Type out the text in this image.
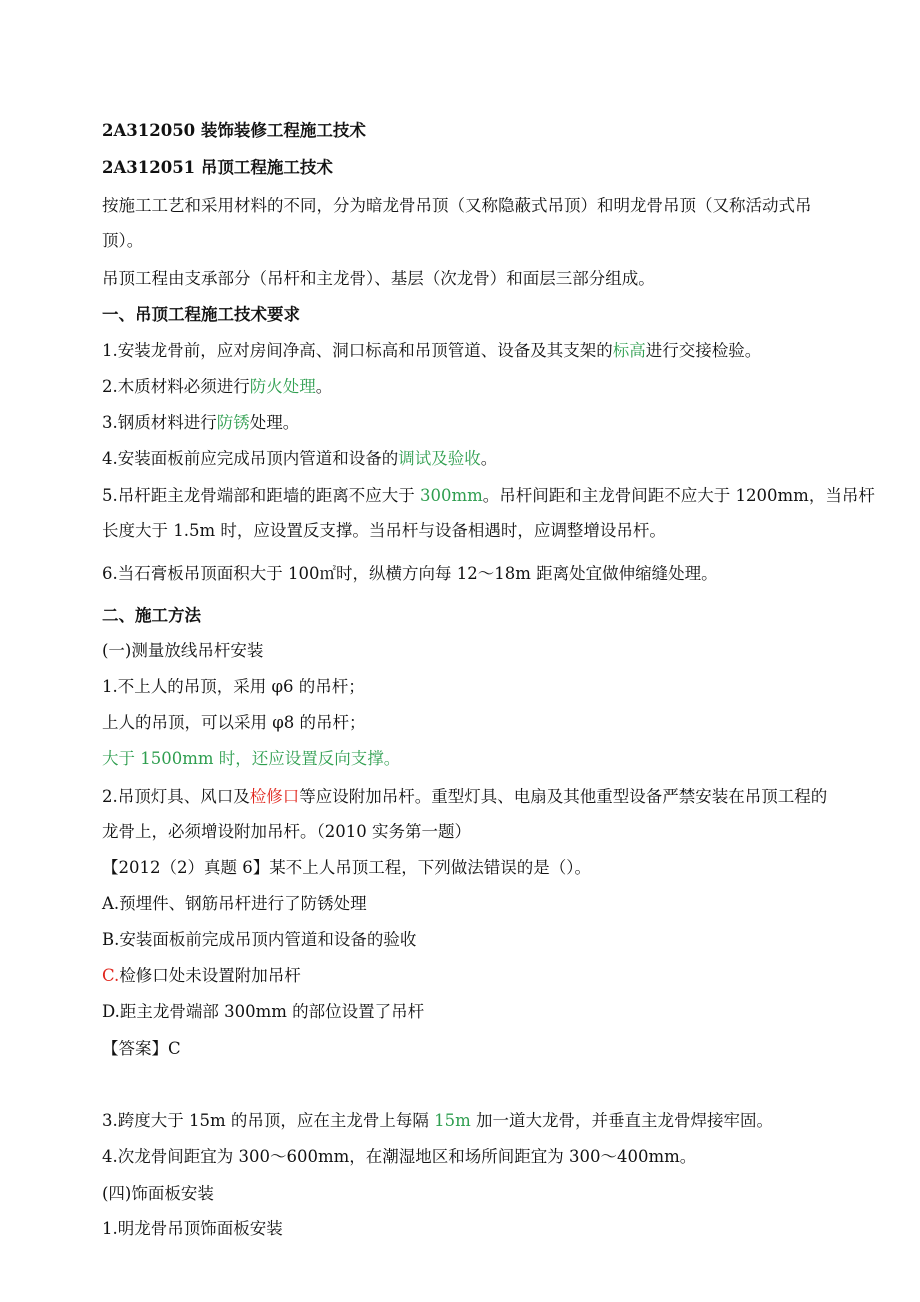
2A312050 装饰装修工程施工技术
2A312051 吊顶工程施工技术
按施工工艺和采用材料的不同，分为暗龙骨吊顶（又称隐蔽式吊顶）和明龙骨吊顶（又称活动式吊
顶）。
吊顶工程由支承部分（吊杆和主龙骨）、基层（次龙骨）和面层三部分组成。
一、吊顶工程施工技术要求
1.安装龙骨前，应对房间净高、洞口标高和吊顶管道、设备及其支架的标高进行交接检验。
2.木质材料必须进行防火处理。
3.钢质材料进行防锈处理。
4.安装面板前应完成吊顶内管道和设备的调试及验收。
5.吊杆距主龙骨端部和距墙的距离不应大于 300mm。吊杆间距和主龙骨间距不应大于 1200mm，当吊杆
长度大于 1.5m 时，应设置反支撑。当吊杆与设备相遇时，应调整增设吊杆。
6.当石膏板吊顶面积大于 100㎡时，纵横方向每 12～18m 距离处宜做伸缩缝处理。
二、施工方法
(一)测量放线吊杆安装
1.不上人的吊顶，采用 φ6 的吊杆；
上人的吊顶，可以采用 φ8 的吊杆；
大于 1500mm 时，还应设置反向支撑。
2.吊顶灯具、风口及检修口等应设附加吊杆。重型灯具、电扇及其他重型设备严禁安装在吊顶工程的
龙骨上，必须增设附加吊杆。（2010 实务第一题）
【2012（2）真题 6】某不上人吊顶工程，下列做法错误的是（）。
A.预埋件、钢筋吊杆进行了防锈处理
B.安装面板前完成吊顶内管道和设备的验收
C.检修口处未设置附加吊杆
D.距主龙骨端部 300mm 的部位设置了吊杆
【答案】C
3.跨度大于 15m 的吊顶，应在主龙骨上每隔 15m 加一道大龙骨，并垂直主龙骨焊接牢固。
4.次龙骨间距宜为 300～600mm，在潮湿地区和场所间距宜为 300～400mm。
(四)饰面板安装
1.明龙骨吊顶饰面板安装
